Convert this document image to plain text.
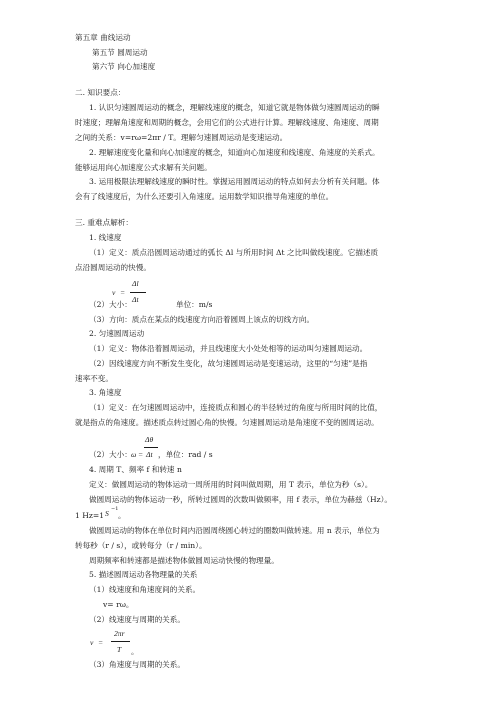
第五章 曲线运动
第五节 圆周运动
第六节 向心加速度
二. 知识要点：
1. 认识匀速圆周运动的概念，理解线速度的概念，知道它就是物体做匀速圆周运动的瞬
时速度；理解角速度和周期的概念，会用它们的公式进行计算。理解线速度、角速度、周期
之间的关系：v=rω=2πr / T。理解匀速圆周运动是变速运动。
2. 理解速度变化量和向心加速度的概念，知道向心加速度和线速度、角速度的关系式。
能够运用向心加速度公式求解有关问题。
3. 运用极限法理解线速度的瞬时性。掌握运用圆周运动的特点如何去分析有关问题。体
会有了线速度后，为什么还要引入角速度。运用数学知识推导角速度的单位。
三. 重难点解析：
1. 线速度
（1）定义：质点沿圆周运动通过的弧长 Δl 与所用时间 Δt 之比叫做线速度。它描述质
点沿圆周运动的快慢。
Δl
v =
Δt
（2）大小：	单位：m/s
（3）方向：质点在某点的线速度方向沿着圆周上该点的切线方向。
2. 匀速圆周运动
（1）定义：物体沿着圆周运动，并且线速度大小处处相等的运动叫匀速圆周运动。
（2）因线速度方向不断发生变化，故匀速圆周运动是变速运动，这里的“匀速”是指
速率不变。
3. 角速度
（1）定义：在匀速圆周运动中，连接质点和圆心的半径转过的角度与所用时间的比值，
就是指点的角速度。描述质点转过圆心角的快慢。匀速圆周运动是角速度不变的圆周运动。
Δθ
（2）大小： ω = Δt ，单位：rad / s
4. 周期 T、频率 f 和转速 n
定义：做圆周运动的物体运动一周所用的时间叫做周期，用 T 表示，单位为秒（s）。
做圆周运动的物体运动一秒，所转过圆周的次数叫做频率，用 f 表示，单位为赫兹（Hz）。
1 Hz=1 S −1
。
做圆周运动的物体在单位时间内沿圆周绕圆心转过的圈数叫做转速。用 n 表示，单位为
转每秒（r / s），或转每分（r / min）。
周期频率和转速都是描述物体做圆周运动快慢的物理量。
5. 描述圆周运动各物理量的关系
（1）线速度和角速度间的关系。
v= rω。
（2）线速度与周期的关系。
2πr
v =
T 。
（3）角速度与周期的关系。
